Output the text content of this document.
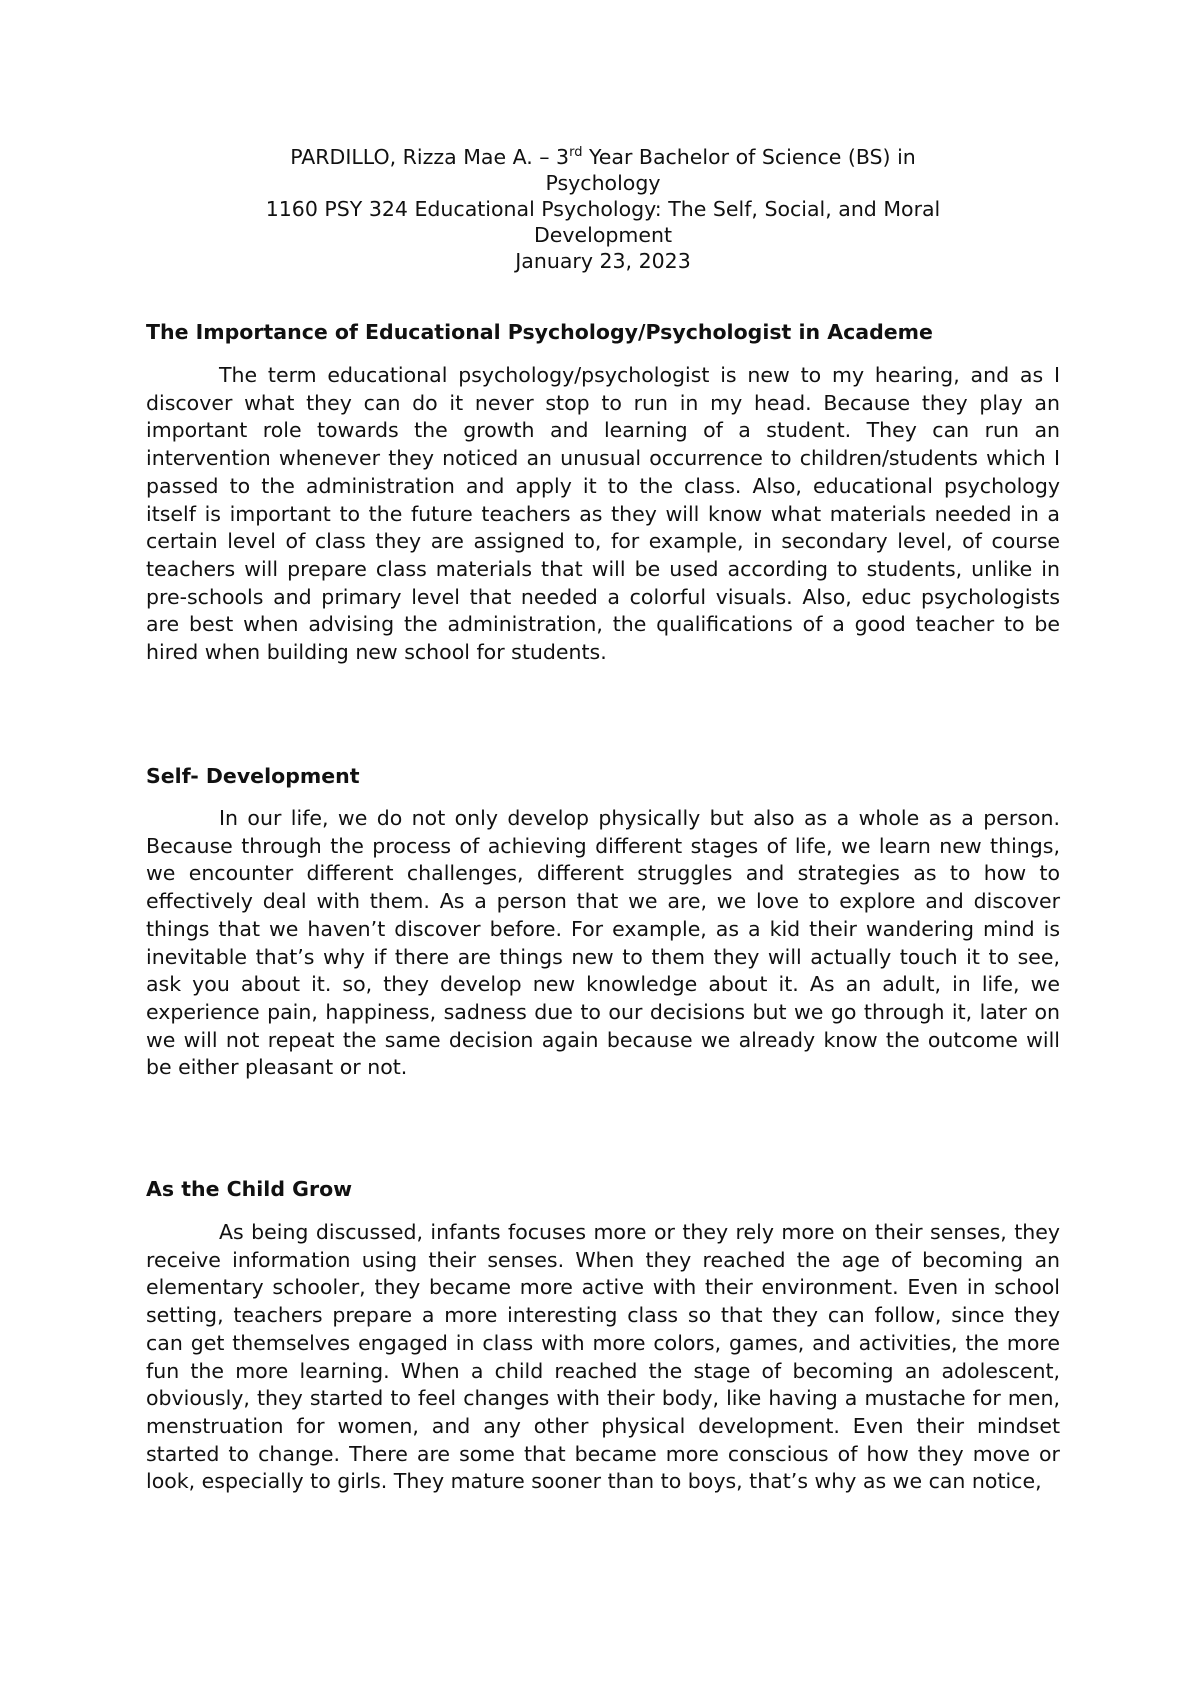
PARDILLO, Rizza Mae A. – 3rd Year Bachelor of Science (BS) in
Psychology
1160 PSY 324 Educational Psychology: The Self, Social, and Moral
Development
January 23, 2023
The Importance of Educational Psychology/Psychologist in Academe

The term educational psychology/psychologist is new to my hearing, and as I discover what they can do it never stop to run in my head. Because they play an important role towards the growth and learning of a student. They can run an intervention whenever they noticed an unusual occurrence to children/students which I passed to the administration and apply it to the class. Also, educational psychology itself is important to the future teachers as they will know what materials needed in a certain level of class they are assigned to, for example, in secondary level, of course teachers will prepare class materials that will be used according to students, unlike in pre-schools and primary level that needed a colorful visuals. Also, educ psychologists are best when advising the administration, the qualifications of a good teacher to be hired when building new school for students.

Self- Development

In our life, we do not only develop physically but also as a whole as a person. Because through the process of achieving different stages of life, we learn new things, we encounter different challenges, different struggles and strategies as to how to effectively deal with them. As a person that we are, we love to explore and discover things that we haven’t discover before. For example, as a kid their wandering mind is inevitable that’s why if there are things new to them they will actually touch it to see, ask you about it. so, they develop new knowledge about it. As an adult, in life, we experience pain, happiness, sadness due to our decisions but we go through it, later on we will not repeat the same decision again because we already know the outcome will be either pleasant or not.

As the Child Grow

As being discussed, infants focuses more or they rely more on their senses, they receive information using their senses. When they reached the age of becoming an elementary schooler, they became more active with their environment. Even in school setting, teachers prepare a more interesting class so that they can follow, since they can get themselves engaged in class with more colors, games, and activities, the more fun the more learning. When a child reached the stage of becoming an adolescent, obviously, they started to feel changes with their body, like having a mustache for men, menstruation for women, and any other physical development. Even their mindset started to change. There are some that became more conscious of how they move or look, especially to girls. They mature sooner than to boys, that’s why as we can notice,
